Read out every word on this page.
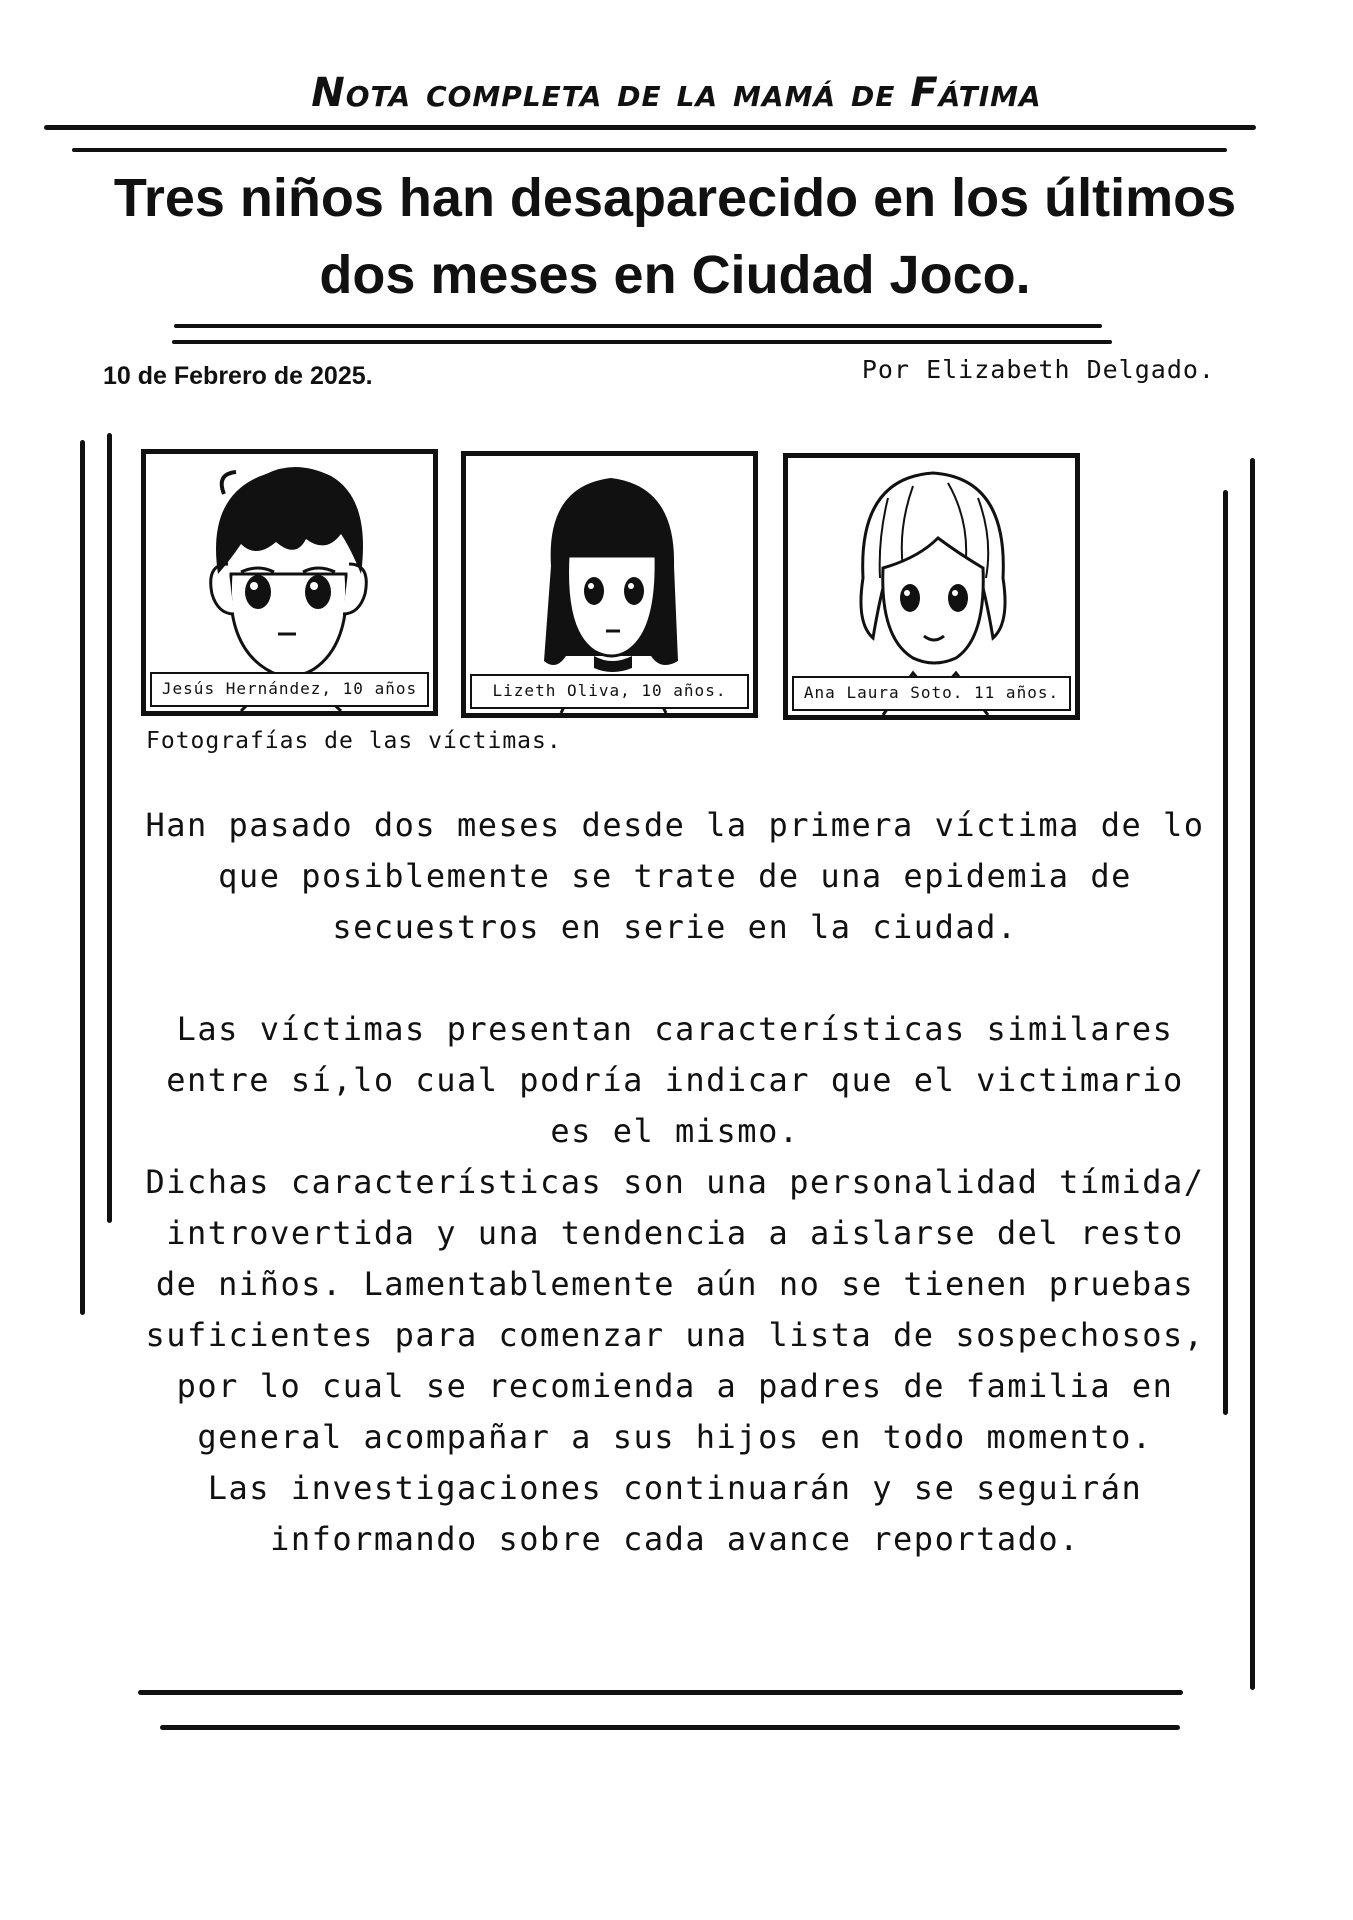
Nota completa de la mamá de Fátima
Tres niños han desaparecido en los últimos
dos meses en Ciudad Joco.
10 de Febrero de 2025.	Por Elizabeth Delgado.
Jesús Hernández, 10 años	Lizeth Oliva, 10 años.	Ana Laura Soto. 11 años.
Fotografías de las víctimas.

Han pasado dos meses desde la primera víctima de lo

que posiblemente se trate de una epidemia de

secuestros en serie en la ciudad.

Las víctimas presentan características similares

entre sí,lo cual podría indicar que el victimario

es el mismo.

Dichas características son una personalidad tímida/

introvertida y una tendencia a aislarse del resto

de niños. Lamentablemente aún no se tienen pruebas

suficientes para comenzar una lista de sospechosos,

por lo cual se recomienda a padres de familia en

general acompañar a sus hijos en todo momento.

Las investigaciones continuarán y se seguirán

informando sobre cada avance reportado.
